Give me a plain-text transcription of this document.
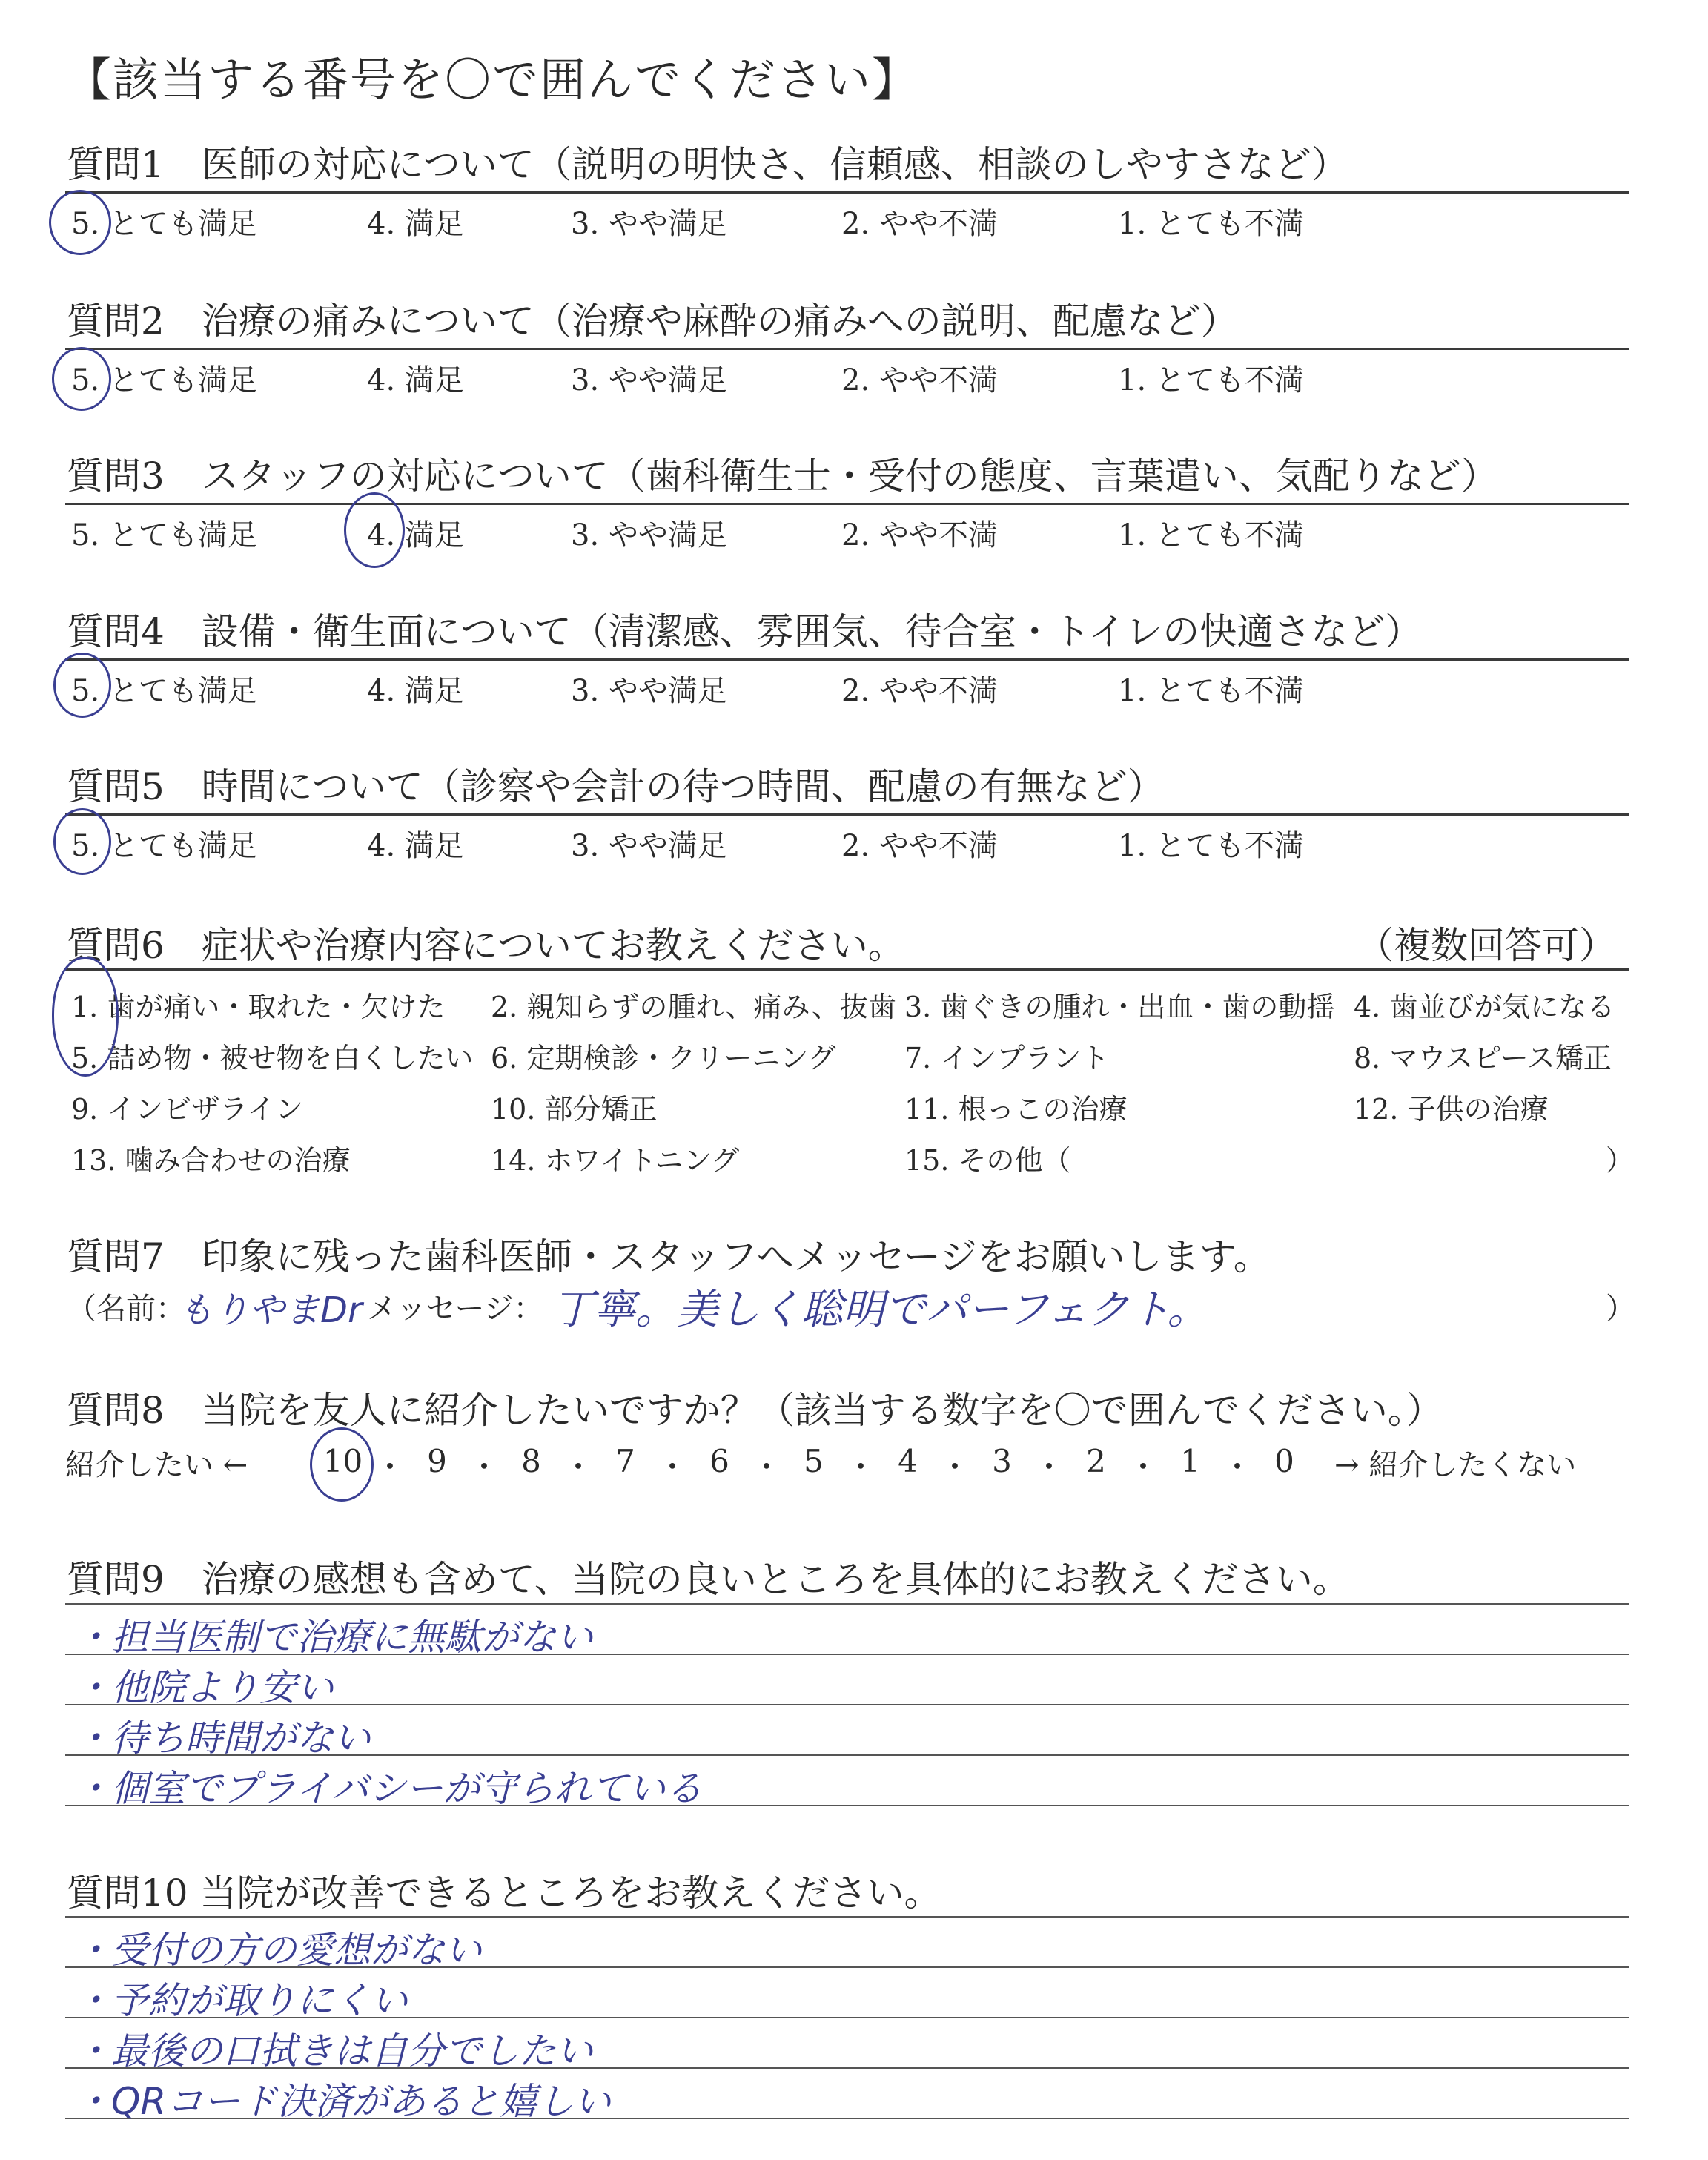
【該当する番号を〇で囲んでください】
質問1　医師の対応について（説明の明快さ、信頼感、相談のしやすさなど）
5. とても満足	4. 満足	3. やや満足	2. やや不満	1. とても不満
質問2　治療の痛みについて（治療や麻酔の痛みへの説明、配慮など）
5. とても満足	4. 満足	3. やや満足	2. やや不満	1. とても不満
質問3　スタッフの対応について（歯科衛生士・受付の態度、言葉遣い、気配りなど）
5. とても満足	4. 満足	3. やや満足	2. やや不満	1. とても不満
質問4　設備・衛生面について（清潔感、雰囲気、待合室・トイレの快適さなど）
5. とても満足	4. 満足	3. やや満足	2. やや不満	1. とても不満
質問5　時間について（診察や会計の待つ時間、配慮の有無など）
5. とても満足	4. 満足	3. やや満足	2. やや不満	1. とても不満
質問6　症状や治療内容についてお教えください。	（複数回答可）
1. 歯が痛い・取れた・欠けた 2. 親知らずの腫れ、痛み、抜歯 3. 歯ぐきの腫れ・出血・歯の動揺 4. 歯並びが気になる
5. 詰め物・被せ物を白くしたい 6. 定期検診・クリーニング 7. インプラント	8. マウスピース矯正
9. インビザライン	10. 部分矯正	11. 根っこの治療	12. 子供の治療
13. 噛み合わせの治療	14. ホワイトニング	15. その他（	）
質問7　印象に残った歯科医師・スタッフへメッセージをお願いします。
（名前：
もりやまDr メッセージ： 丁寧。美しく聡明でパーフェクト。	）
質問8　当院を友人に紹介したいですか？（該当する数字を〇で囲んでください。）
紹介したい ←	10 ・ 9 ・ 8 ・ 7 ・ 6 ・ 5 ・ 4 ・ 3 ・ 2 ・ 1 ・ 0	→ 紹介したくない
質問9　治療の感想も含めて、当院の良いところを具体的にお教えください。
・担当医制で治療に無駄がない
・他院より安い
・待ち時間がない
・個室でプライバシーが守られている
質問10 当院が改善できるところをお教えください。
・受付の方の愛想がない
・予約が取りにくい
・最後の口拭きは自分でしたい
・QRコード決済があると嬉しい
